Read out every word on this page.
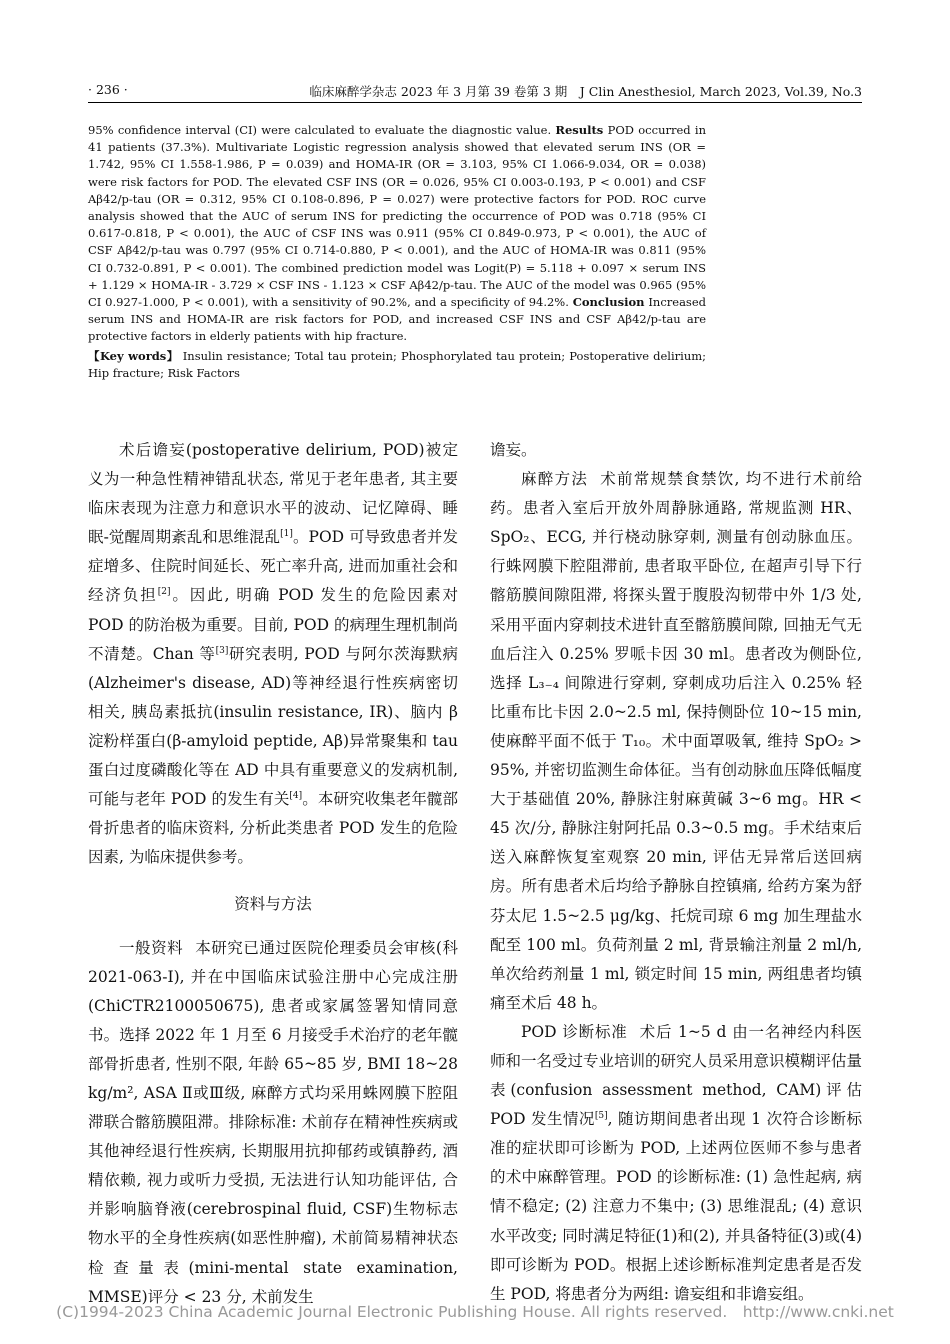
· 236 ·	临床麻醉学杂志 2023 年 3 月第 39 卷第 3 期　J Clin Anesthesiol, March 2023, Vol.39, No.3

95% confidence interval (CI) were calculated to evaluate the diagnostic value. Results POD occurred in 41 patients (37.3%). Multivariate Logistic regression analysis showed that elevated serum INS (OR = 1.742, 95% CI 1.558-1.986, P = 0.039) and HOMA-IR (OR = 3.103, 95% CI 1.066-9.034, OR = 0.038) were risk factors for POD. The elevated CSF INS (OR = 0.026, 95% CI 0.003-0.193, P < 0.001) and CSF Aβ42/p-tau (OR = 0.312, 95% CI 0.108-0.896, P = 0.027) were protective factors for POD. ROC curve analysis showed that the AUC of serum INS for predicting the occurrence of POD was 0.718 (95% CI 0.617-0.818, P < 0.001), the AUC of CSF INS was 0.911 (95% CI 0.849-0.973, P < 0.001), the AUC of CSF Aβ42/p-tau was 0.797 (95% CI 0.714-0.880, P < 0.001), and the AUC of HOMA-IR was 0.811 (95% CI 0.732-0.891, P < 0.001). The combined prediction model was Logit(P) = 5.118 + 0.097 × serum INS + 1.129 × HOMA-IR - 3.729 × CSF INS - 1.123 × CSF Aβ42/p-tau. The AUC of the model was 0.965 (95% CI 0.927-1.000, P < 0.001), with a sensitivity of 90.2%, and a specificity of 94.2%. Conclusion Increased serum INS and HOMA-IR are risk factors for POD, and increased CSF INS and CSF Aβ42/p-tau are protective factors in elderly patients with hip fracture.

【Key words】 Insulin resistance; Total tau protein; Phosphorylated tau protein; Postoperative delirium; Hip fracture; Risk Factors

术后谵妄(postoperative delirium, POD)被定义为一种急性精神错乱状态, 常见于老年患者, 其主要临床表现为注意力和意识水平的波动、记忆障碍、睡眠-觉醒周期紊乱和思维混乱[1]。POD 可导致患者并发症增多、住院时间延长、死亡率升高, 进而加重社会和经济负担[2]。因此, 明确 POD 发生的危险因素对 POD 的防治极为重要。目前, POD 的病理生理机制尚不清楚。Chan 等[3]研究表明, POD 与阿尔茨海默病(Alzheimer's disease, AD)等神经退行性疾病密切相关, 胰岛素抵抗(insulin resistance, IR)、脑内 β 淀粉样蛋白(β-amyloid peptide, Aβ)异常聚集和 tau 蛋白过度磷酸化等在 AD 中具有重要意义的发病机制, 可能与老年 POD 的发生有关[4]。本研究收集老年髋部骨折患者的临床资料, 分析此类患者 POD 发生的危险因素, 为临床提供参考。

资料与方法

一般资料 本研究已通过医院伦理委员会审核(科 2021-063-I), 并在中国临床试验注册中心完成注册(ChiCTR2100050675), 患者或家属签署知情同意书。选择 2022 年 1 月至 6 月接受手术治疗的老年髋部骨折患者, 性别不限, 年龄 65~85 岁, BMI 18~28 kg/m², ASA Ⅱ或Ⅲ级, 麻醉方式均采用蛛网膜下腔阻滞联合髂筋膜阻滞。排除标准: 术前存在精神性疾病或其他神经退行性疾病, 长期服用抗抑郁药或镇静药, 酒精依赖, 视力或听力受损, 无法进行认知功能评估, 合并影响脑脊液(cerebrospinal fluid, CSF)生物标志物水平的全身性疾病(如恶性肿瘤), 术前简易精神状态检查量表(mini-mental state examination, MMSE)评分 < 23 分, 术前发生

谵妄。

麻醉方法 术前常规禁食禁饮, 均不进行术前给药。患者入室后开放外周静脉通路, 常规监测 HR、SpO₂、ECG, 并行桡动脉穿刺, 测量有创动脉血压。行蛛网膜下腔阻滞前, 患者取平卧位, 在超声引导下行髂筋膜间隙阻滞, 将探头置于腹股沟韧带中外 1/3 处, 采用平面内穿刺技术进针直至髂筋膜间隙, 回抽无气无血后注入 0.25% 罗哌卡因 30 ml。患者改为侧卧位, 选择 L₃₋₄ 间隙进行穿刺, 穿刺成功后注入 0.25% 轻比重布比卡因 2.0~2.5 ml, 保持侧卧位 10~15 min, 使麻醉平面不低于 T₁₀。术中面罩吸氧, 维持 SpO₂ > 95%, 并密切监测生命体征。当有创动脉血压降低幅度大于基础值 20%, 静脉注射麻黄碱 3~6 mg。HR < 45 次/分, 静脉注射阿托品 0.3~0.5 mg。手术结束后送入麻醉恢复室观察 20 min, 评估无异常后送回病房。所有患者术后均给予静脉自控镇痛, 给药方案为舒芬太尼 1.5~2.5 μg/kg、托烷司琼 6 mg 加生理盐水配至 100 ml。负荷剂量 2 ml, 背景输注剂量 2 ml/h, 单次给药剂量 1 ml, 锁定时间 15 min, 两组患者均镇痛至术后 48 h。

POD 诊断标准 术后 1~5 d 由一名神经内科医师和一名受过专业培训的研究人员采用意识模糊评估量表(confusion assessment method, CAM)评估 POD 发生情况[5], 随访期间患者出现 1 次符合诊断标准的症状即可诊断为 POD, 上述两位医师不参与患者的术中麻醉管理。POD 的诊断标准: (1) 急性起病, 病情不稳定; (2) 注意力不集中; (3) 思维混乱; (4) 意识水平改变; 同时满足特征(1)和(2), 并具备特征(3)或(4)即可诊断为 POD。根据上述诊断标准判定患者是否发生 POD, 将患者分为两组: 谵妄组和非谵妄组。

(C)1994-2023 China Academic Journal Electronic Publishing House. All rights reserved.　http://www.cnki.net
